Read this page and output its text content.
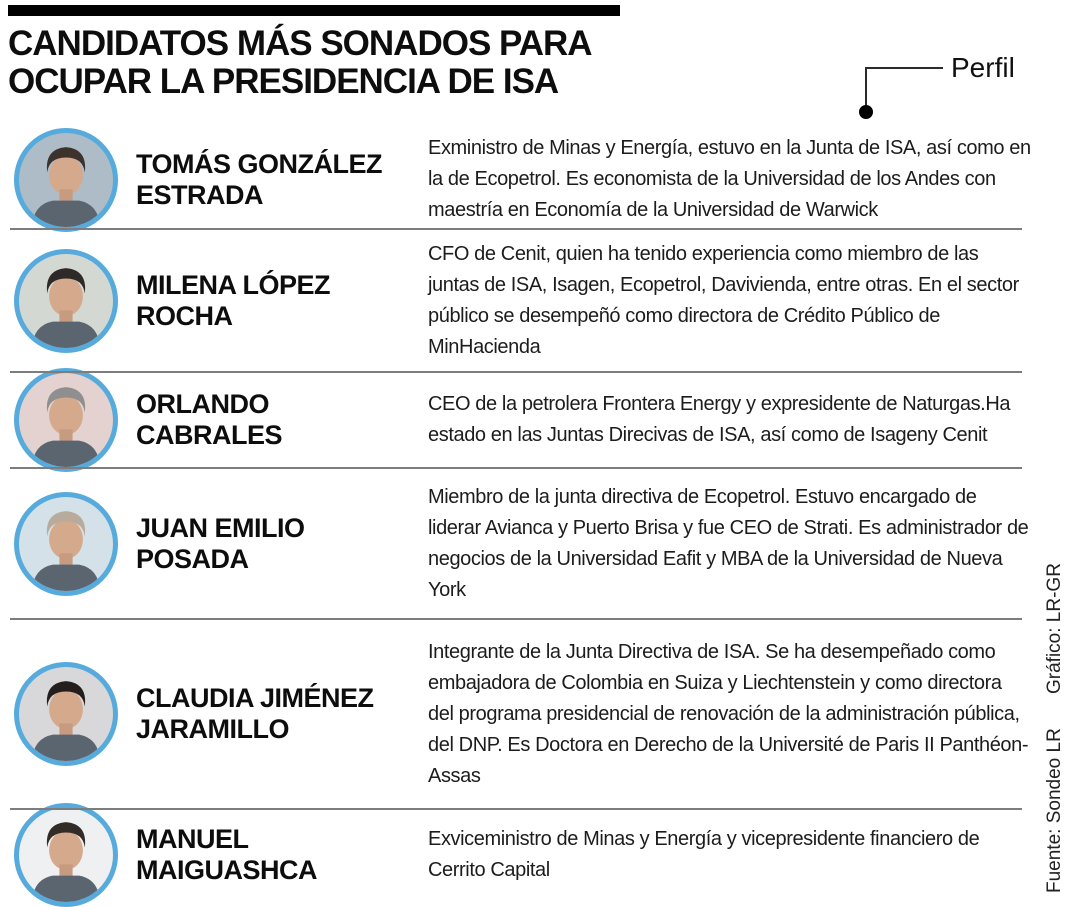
CANDIDATOS MÁS SONADOS PARA
OCUPAR LA PRESIDENCIA DE ISA	Perfil
TOMÁS GONZÁLEZ
ESTRADA
Exministro de Minas y Energía, estuvo en la Junta de ISA, así como en la de Ecopetrol. Es economista de la Universidad de los Andes con maestría en Economía de la Universidad de Warwick
MILENA LÓPEZ
ROCHA
CFO de Cenit, quien ha tenido experiencia como miembro de las juntas de ISA, Isagen, Ecopetrol, Davivienda, entre otras. En el sector público se desempeñó como directora de Crédito Público de MinHacienda
ORLANDO
CABRALES
CEO de la petrolera Frontera Energy y expresidente de Naturgas.Ha estado en las Juntas Direcivas de ISA, así como de Isageny Cenit
JUAN EMILIO
POSADA
Miembro de la junta directiva de Ecopetrol. Estuvo encargado de liderar Avianca y Puerto Brisa y fue CEO de Strati. Es administrador de negocios de la Universidad Eafit y MBA de la Universidad de Nueva York
CLAUDIA JIMÉNEZ
JARAMILLO
Integrante de la Junta Directiva de ISA. Se ha desempeñado como embajadora de Colombia en Suiza y Liechtenstein y como directora del programa presidencial de renovación de la administración pública, del DNP. Es Doctora en Derecho de la Université de Paris II Panthéon-Assas
MANUEL
MAIGUASHCA
Exviceministro de Minas y Energía y vicepresidente financiero de Cerrito Capital
Gráfico: LR-GR
Fuente: Sondeo LR
